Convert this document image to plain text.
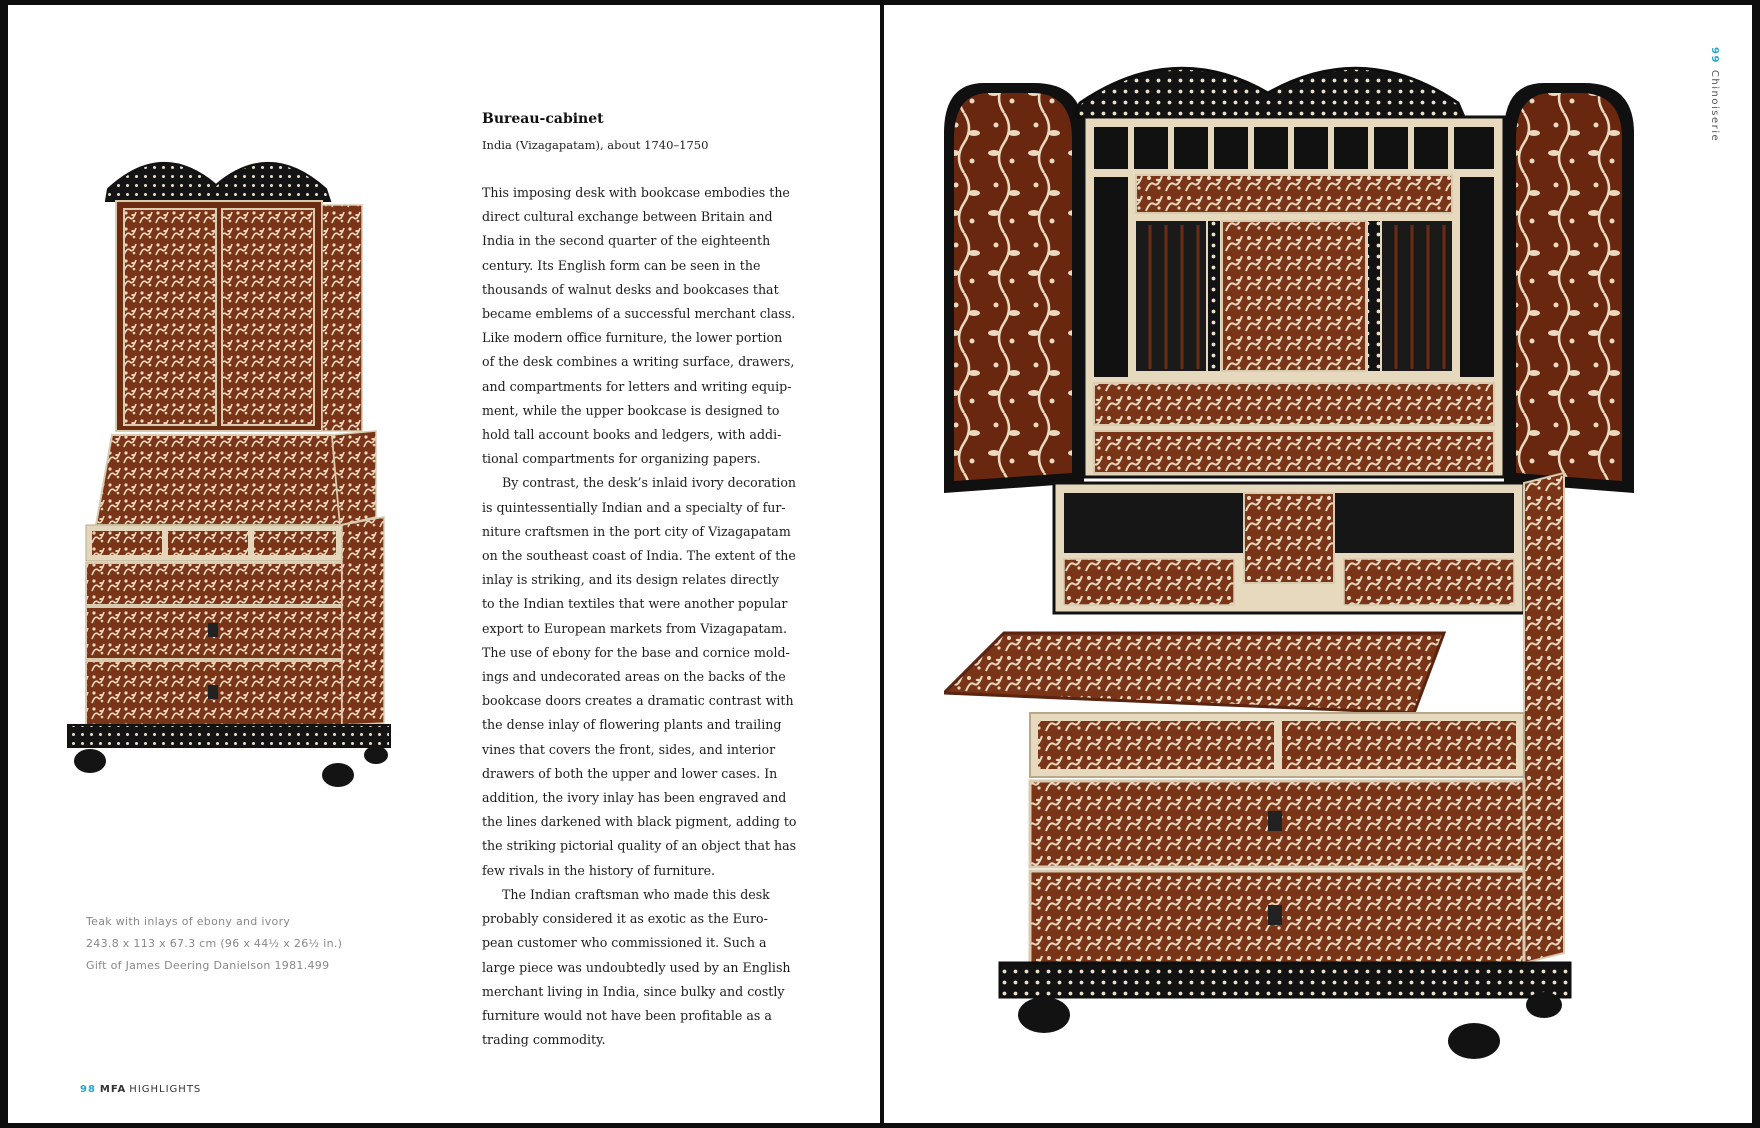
Teak with inlays of ebony and ivory
243.8 x 113 x 67.3 cm (96 x 44½ x 26½ in.)
Gift of James Deering Danielson 1981.499
Bureau-cabinet
India (Vizagapatam), about 1740–1750
This imposing desk with bookcase embodies the
direct cultural exchange between Britain and
India in the second quarter of the eighteenth
century. Its English form can be seen in the
thousands of walnut desks and bookcases that
became emblems of a successful merchant class.
Like modern office furniture, the lower portion
of the desk combines a writing surface, drawers,
and compartments for letters and writing equip-
ment, while the upper bookcase is designed to
hold tall account books and ledgers, with addi-
tional compartments for organizing papers.
By contrast, the desk’s inlaid ivory decoration
is quintessentially Indian and a specialty of fur-
niture craftsmen in the port city of Vizagapatam
on the southeast coast of India. The extent of the
inlay is striking, and its design relates directly
to the Indian textiles that were another popular
export to European markets from Vizagapatam.
The use of ebony for the base and cornice mold-
ings and undecorated areas on the backs of the
bookcase doors creates a dramatic contrast with
the dense inlay of flowering plants and trailing
vines that covers the front, sides, and interior
drawers of both the upper and lower cases. In
addition, the ivory inlay has been engraved and
the lines darkened with black pigment, adding to
the striking pictorial quality of an object that has
few rivals in the history of furniture.
The Indian craftsman who made this desk
probably considered it as exotic as the Euro-
pean customer who commissioned it. Such a
large piece was undoubtedly used by an English
merchant living in India, since bulky and costly
furniture would not have been profitable as a
trading commodity.
98 MFA HIGHLIGHTS
99Chinoiserie
